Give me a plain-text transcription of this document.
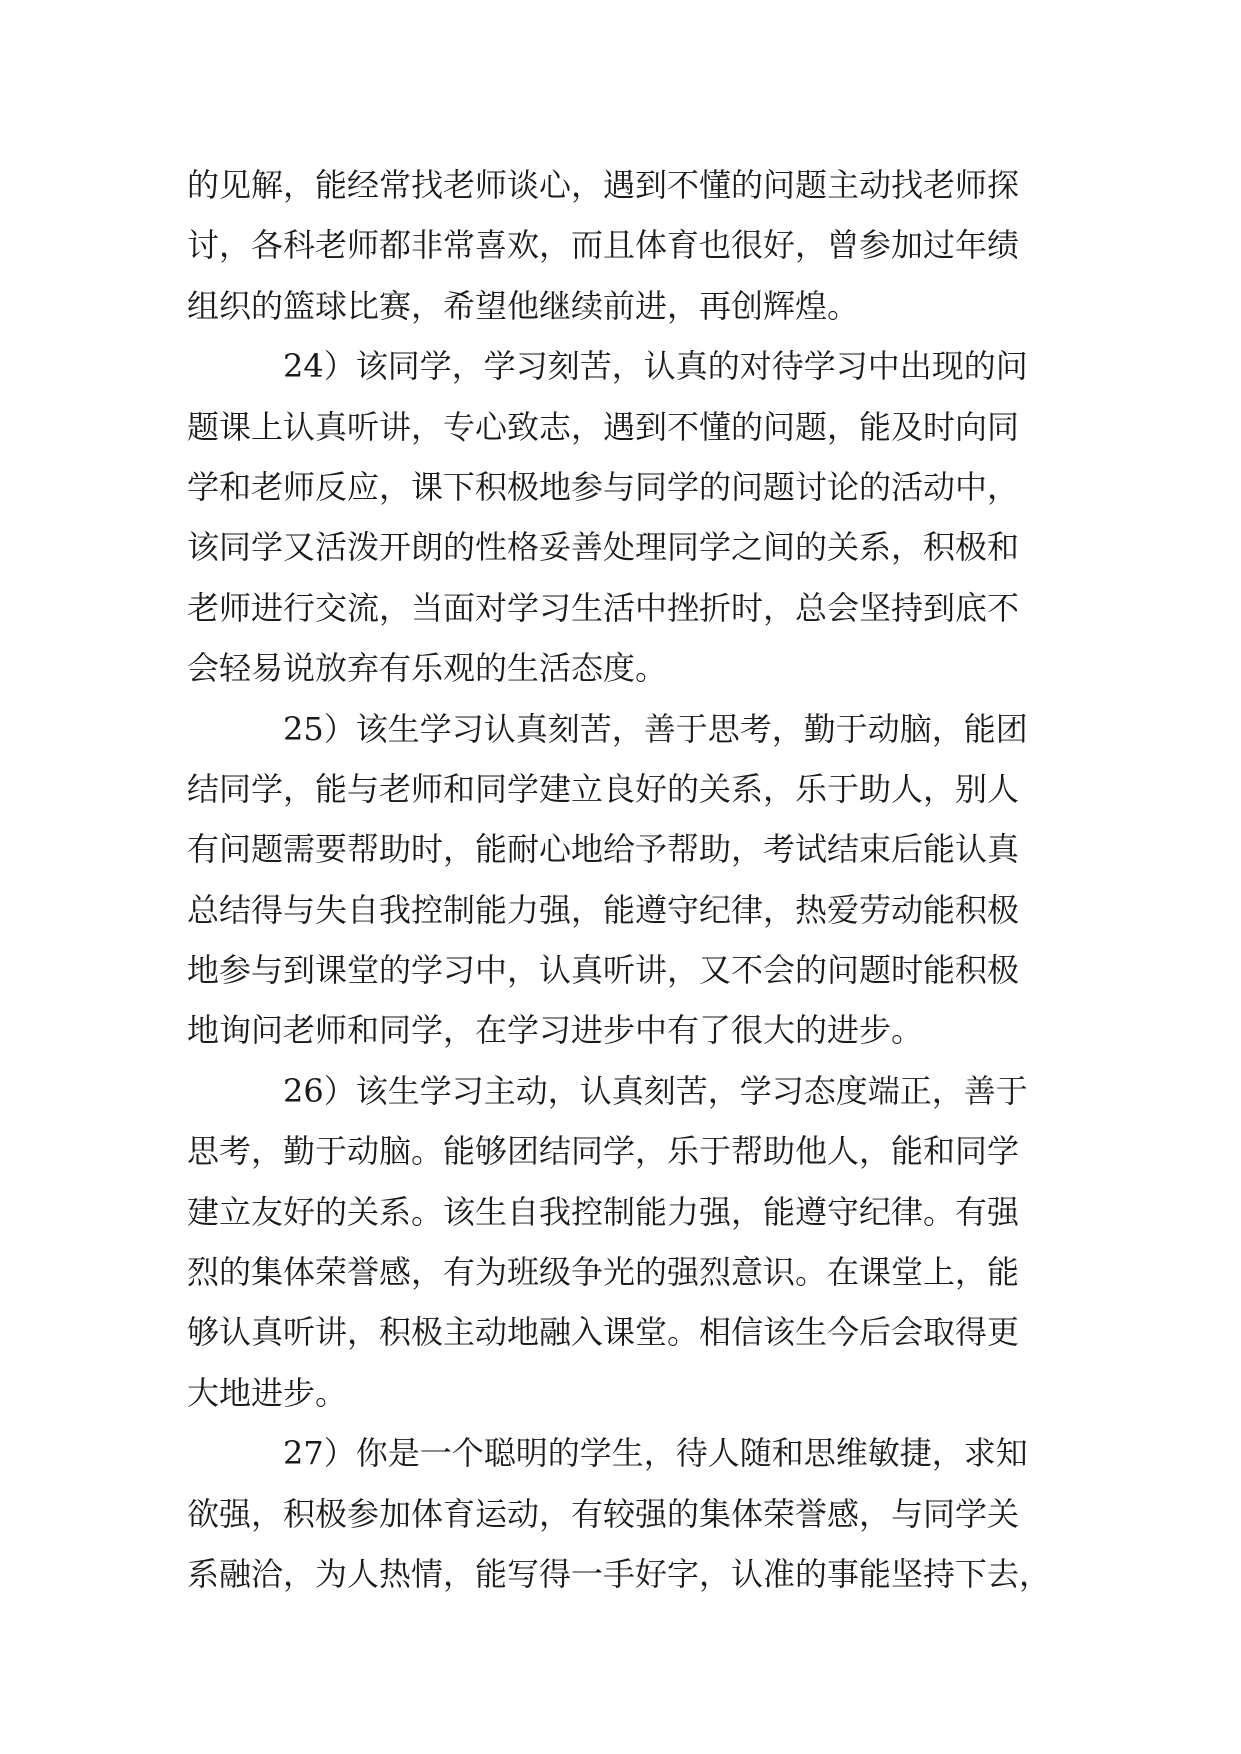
的见解，能经常找老师谈心，遇到不懂的问题主动找老师探
讨，各科老师都非常喜欢，而且体育也很好，曾参加过年绩
组织的篮球比赛，希望他继续前进，再创辉煌。

24）该同学，学习刻苦，认真的对待学习中出现的问
题课上认真听讲，专心致志，遇到不懂的问题，能及时向同
学和老师反应，课下积极地参与同学的问题讨论的活动中，
该同学又活泼开朗的性格妥善处理同学之间的关系，积极和
老师进行交流，当面对学习生活中挫折时，总会坚持到底不
会轻易说放弃有乐观的生活态度。

25）该生学习认真刻苦，善于思考，勤于动脑，能团
结同学，能与老师和同学建立良好的关系，乐于助人，别人
有问题需要帮助时，能耐心地给予帮助，考试结束后能认真
总结得与失自我控制能力强，能遵守纪律，热爱劳动能积极
地参与到课堂的学习中，认真听讲，又不会的问题时能积极
地询问老师和同学，在学习进步中有了很大的进步。

26）该生学习主动，认真刻苦，学习态度端正，善于
思考，勤于动脑。能够团结同学，乐于帮助他人，能和同学
建立友好的关系。该生自我控制能力强，能遵守纪律。有强
烈的集体荣誉感，有为班级争光的强烈意识。在课堂上，能
够认真听讲，积极主动地融入课堂。相信该生今后会取得更
大地进步。

27）你是一个聪明的学生，待人随和思维敏捷，求知
欲强，积极参加体育运动，有较强的集体荣誉感，与同学关
系融洽，为人热情，能写得一手好字，认准的事能坚持下去，
